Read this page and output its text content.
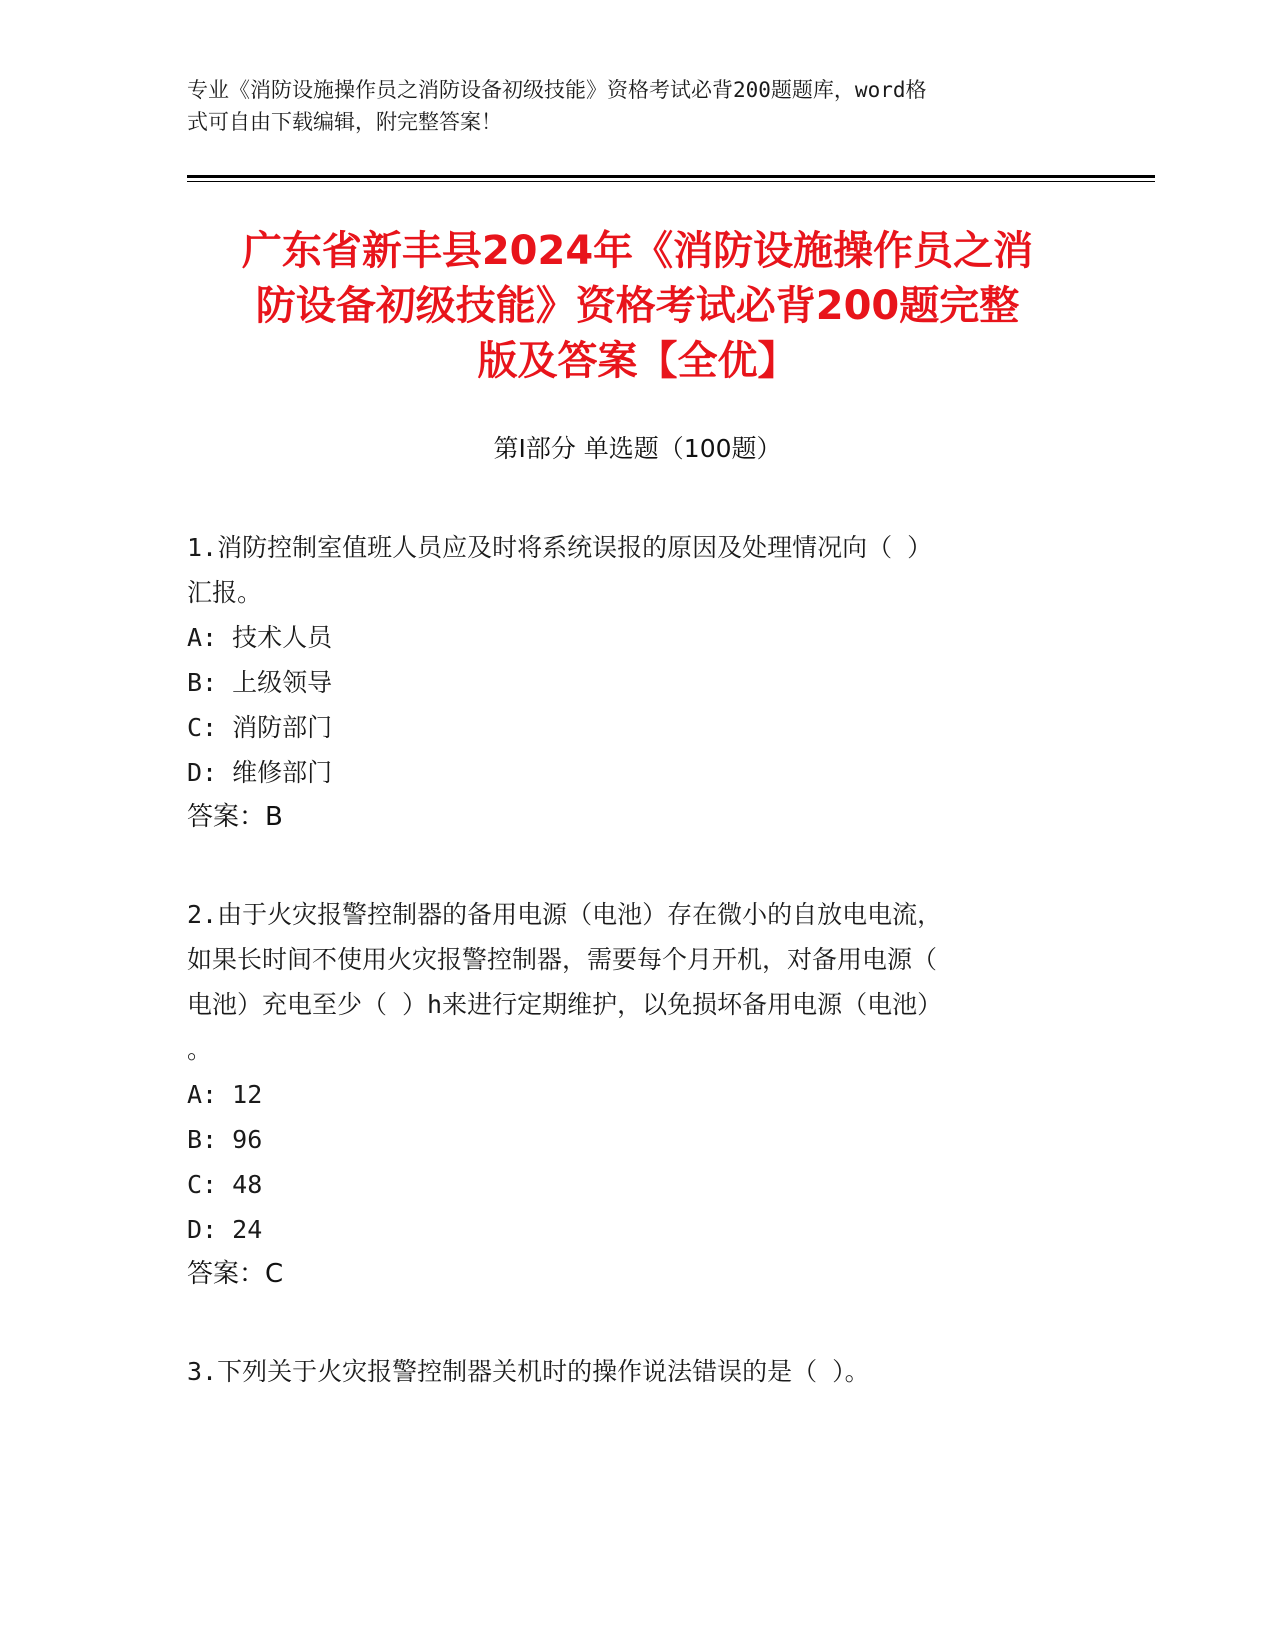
专业《消防设施操作员之消防设备初级技能》资格考试必背200题题库，word格
式可自由下载编辑，附完整答案！
广东省新丰县2024年《消防设施操作员之消
防设备初级技能》资格考试必背200题完整
版及答案【全优】
第Ⅰ部分 单选题（100题）
1.消防控制室值班人员应及时将系统误报的原因及处理情况向（ ）
汇报。
A: 技术人员
B: 上级领导
C: 消防部门
D: 维修部门
答案：B
2.由于火灾报警控制器的备用电源（电池）存在微小的自放电电流，
如果长时间不使用火灾报警控制器，需要每个月开机，对备用电源（
电池）充电至少（ ）h来进行定期维护，以免损坏备用电源（电池）
。
A: 12
B: 96
C: 48
D: 24
答案：C
3.下列关于火灾报警控制器关机时的操作说法错误的是（ ）。
